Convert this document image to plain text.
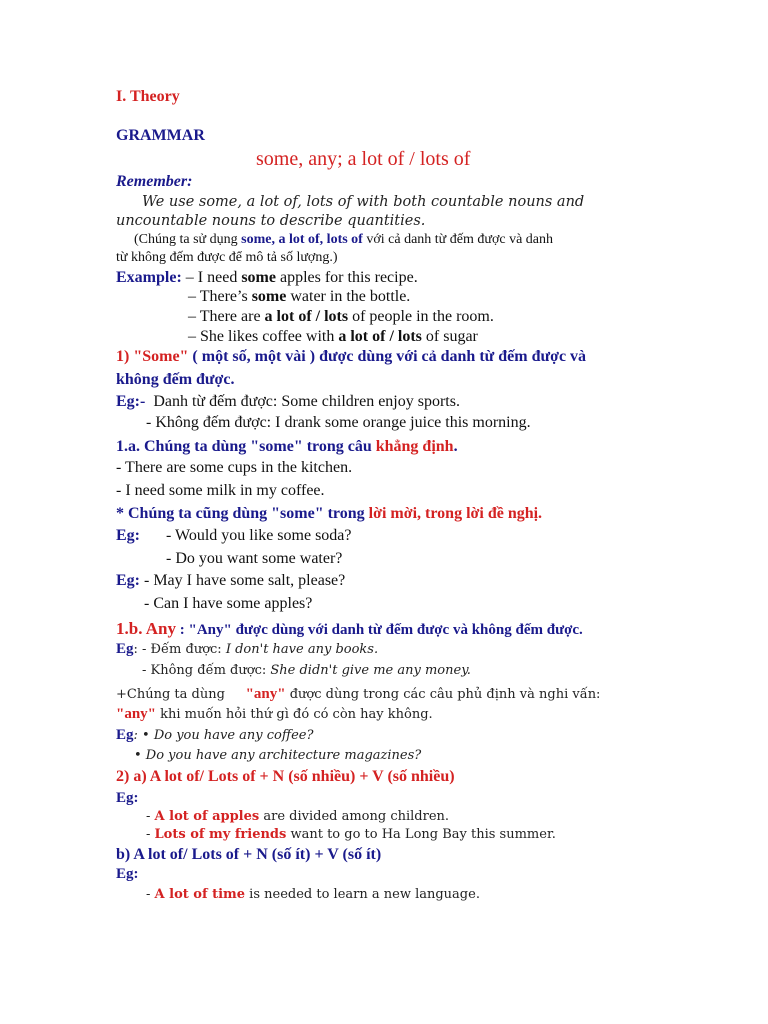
I. Theory
GRAMMAR
some, any; a lot of / lots of
Remember:
We use some, a lot of, lots of with both countable nouns and
uncountable nouns to describe quantities.
(Chúng ta sử dụng some, a lot of, lots of với cả danh từ đếm được và danh
từ không đếm được để mô tả số lượng.)
Example: – I need some apples for this recipe.
– There’s some water in the bottle.
– There are a lot of / lots of people in the room.
– She likes coffee with a lot of / lots of sugar
1) "Some" ( một số, một vài ) được dùng với cả danh từ đếm được và
không đếm được.
Eg:- Danh từ đếm được: Some children enjoy sports.
- Không đếm được: I drank some orange juice this morning.
1.a. Chúng ta dùng "some" trong câu khẳng định.
- There are some cups in the kitchen.
- I need some milk in my coffee.
* Chúng ta cũng dùng "some" trong lời mời, trong lời đề nghị.
Eg: - Would you like some soda?
- Do you want some water?
Eg: - May I have some salt, please?
- Can I have some apples?
1.b. Any : "Any" được dùng với danh từ đếm được và không đếm được.
Eg: - Đếm được: I don't have any books.
- Không đếm được: She didn't give me any money.
+Chúng ta dùng     "any" được dùng trong các câu phủ định và nghi vấn:
"any" khi muốn hỏi thứ gì đó có còn hay không.
Eg: • Do you have any coffee?
• Do you have any architecture magazines?
2) a) A lot of/ Lots of + N (số nhiều) + V (số nhiều)
Eg:
- A lot of apples are divided among children.
- Lots of my friends want to go to Ha Long Bay this summer.
b) A lot of/ Lots of + N (số ít) + V (số ít)
Eg:
- A lot of time is needed to learn a new language.
